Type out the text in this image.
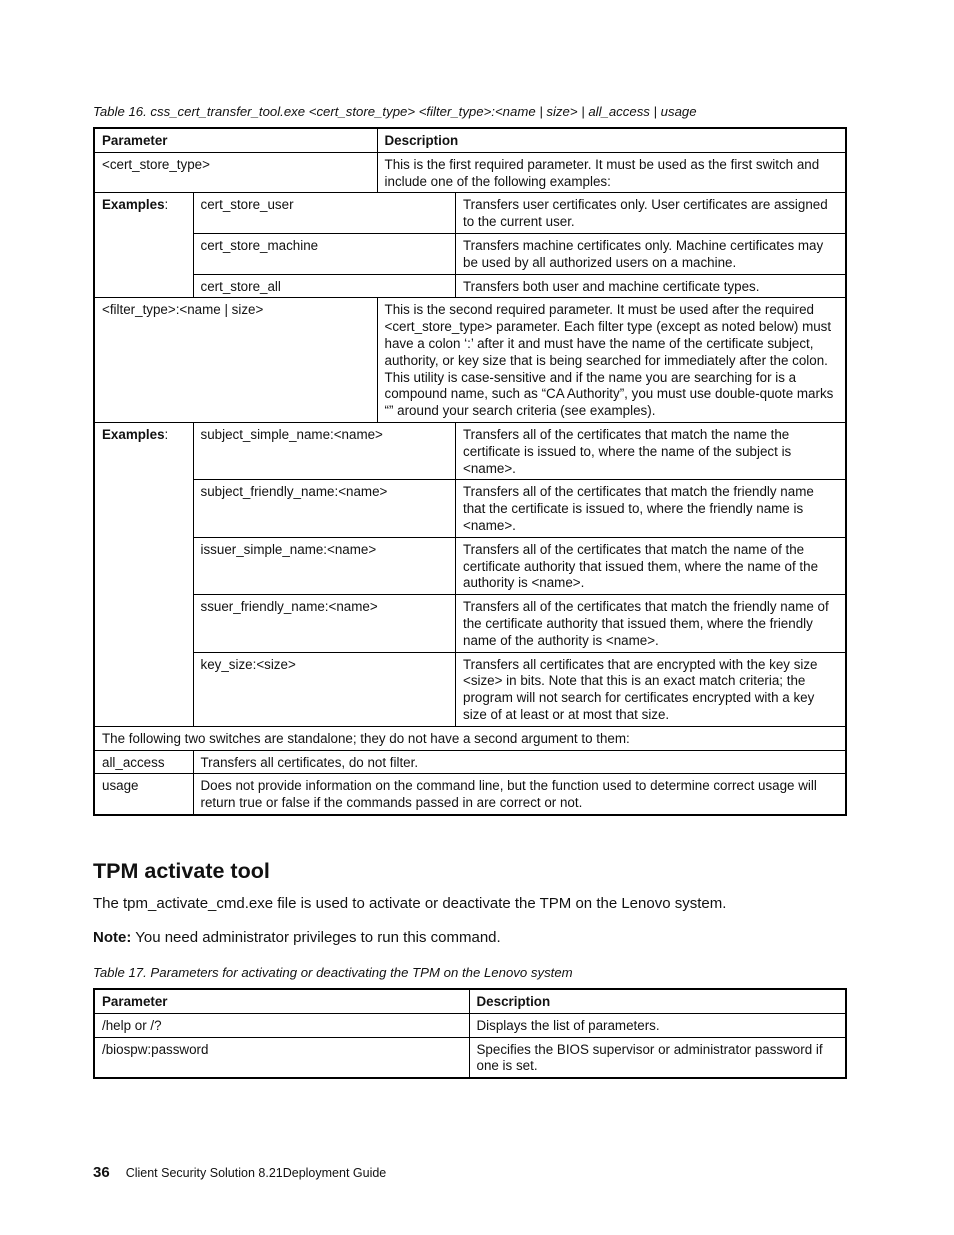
Table 16. css_cert_transfer_tool.exe <cert_store_type> <filter_type>:<name | size> | all_access | usage
Parameter	Description
<cert_store_type>	This is the first required parameter. It must be used as the first switch and include one of the following examples:
Examples:	cert_store_user	Transfers user certificates only. User certificates are assigned to the current user.
cert_store_machine	Transfers machine certificates only. Machine certificates may be used by all authorized users on a machine.
cert_store_all	Transfers both user and machine certificate types.

<filter_type>:<name | size>	This is the second required parameter. It must be used after the required <cert_store_type> parameter. Each filter type (except as noted below) must have a colon ‘:’ after it and must have the name of the certificate subject, authority, or key size that is being searched for immediately after the colon. This utility is case-sensitive and if the name you are searching for is a compound name, such as “CA Authority”, you must use double-quote marks “” around your search criteria (see examples).
Examples:	subject_simple_name:<name>	Transfers all of the certificates that match the name the certificate is issued to, where the name of the subject is <name>.
subject_friendly_name:<name>	Transfers all of the certificates that match the friendly name that the certificate is issued to, where the friendly name is <name>.
issuer_simple_name:<name>	Transfers all of the certificates that match the name of the certificate authority that issued them, where the name of the authority is <name>.
ssuer_friendly_name:<name>	Transfers all of the certificates that match the friendly name of the certificate authority that issued them, where the friendly name of the authority is <name>.
key_size:<size>	Transfers all certificates that are encrypted with the key size <size> in bits. Note that this is an exact match criteria; the program will not search for certificates encrypted with a key size of at least or at most that size.

The following two switches are standalone; they do not have a second argument to them:
all_access	Transfers all certificates, do not filter.
usage	Does not provide information on the command line, but the function used to determine correct usage will return true or false if the commands passed in are correct or not.
TPM activate tool

The tpm_activate_cmd.exe file is used to activate or deactivate the TPM on the Lenovo system.

Note: You need administrator privileges to run this command.

Table 17. Parameters for activating or deactivating the TPM on the Lenovo system
Parameter	Description
/help or /?	Displays the list of parameters.
/biospw:password	Specifies the BIOS supervisor or administrator password if one is set.
36 Client Security Solution 8.21Deployment Guide
